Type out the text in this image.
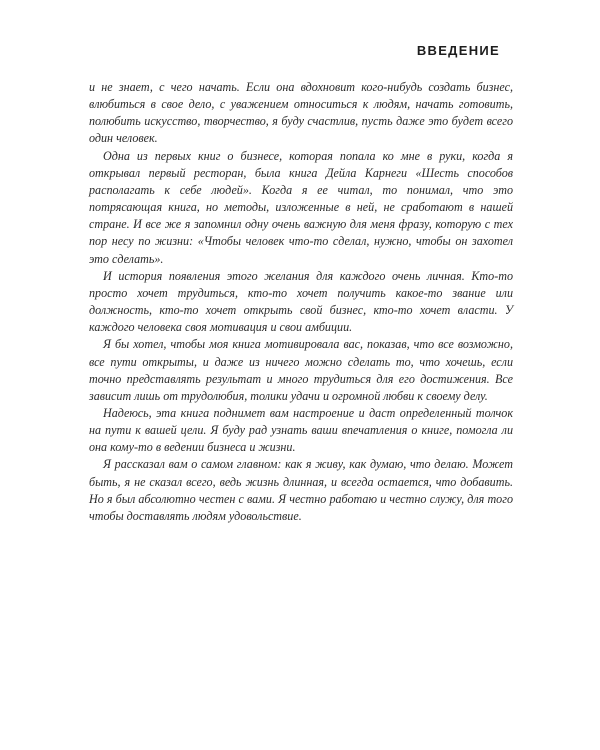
ВВЕДЕНИЕ

и не знает, с чего начать. Если она вдохновит кого-нибудь создать бизнес, влюбиться в свое дело, с уважением относиться к людям, начать готовить, полюбить искусство, творчество, я буду счастлив, пусть даже это будет всего один человек.

Одна из первых книг о бизнесе, которая попала ко мне в руки, когда я открывал первый ресторан, была книга Дейла Карнеги «Шесть способов располагать к себе людей». Когда я ее читал, то понимал, что это потрясающая книга, но методы, изложенные в ней, не сработают в нашей стране. И все же я запомнил одну очень важную для меня фразу, которую с тех пор несу по жизни: «Чтобы человек что-то сделал, нужно, чтобы он захотел это сделать».

И история появления этого желания для каждого очень личная. Кто-то просто хочет трудиться, кто-то хочет получить какое-то звание или должность, кто-то хочет открыть свой бизнес, кто-то хочет власти. У каждого человека своя мотивация и свои амбиции.

Я бы хотел, чтобы моя книга мотивировала вас, показав, что все возможно, все пути открыты, и даже из ничего можно сделать то, что хочешь, если точно представлять результат и много трудиться для его достижения. Все зависит лишь от трудолюбия, толики удачи и огромной любви к своему делу.

Надеюсь, эта книга поднимет вам настроение и даст определенный толчок на пути к вашей цели. Я буду рад узнать ваши впечатления о книге, помогла ли она кому-то в ведении бизнеса и жизни.

Я рассказал вам о самом главном: как я живу, как думаю, что делаю. Может быть, я не сказал всего, ведь жизнь длинная, и всегда остается, что добавить. Но я был абсолютно честен с вами. Я честно работаю и честно служу, для того чтобы доставлять людям удовольствие.
